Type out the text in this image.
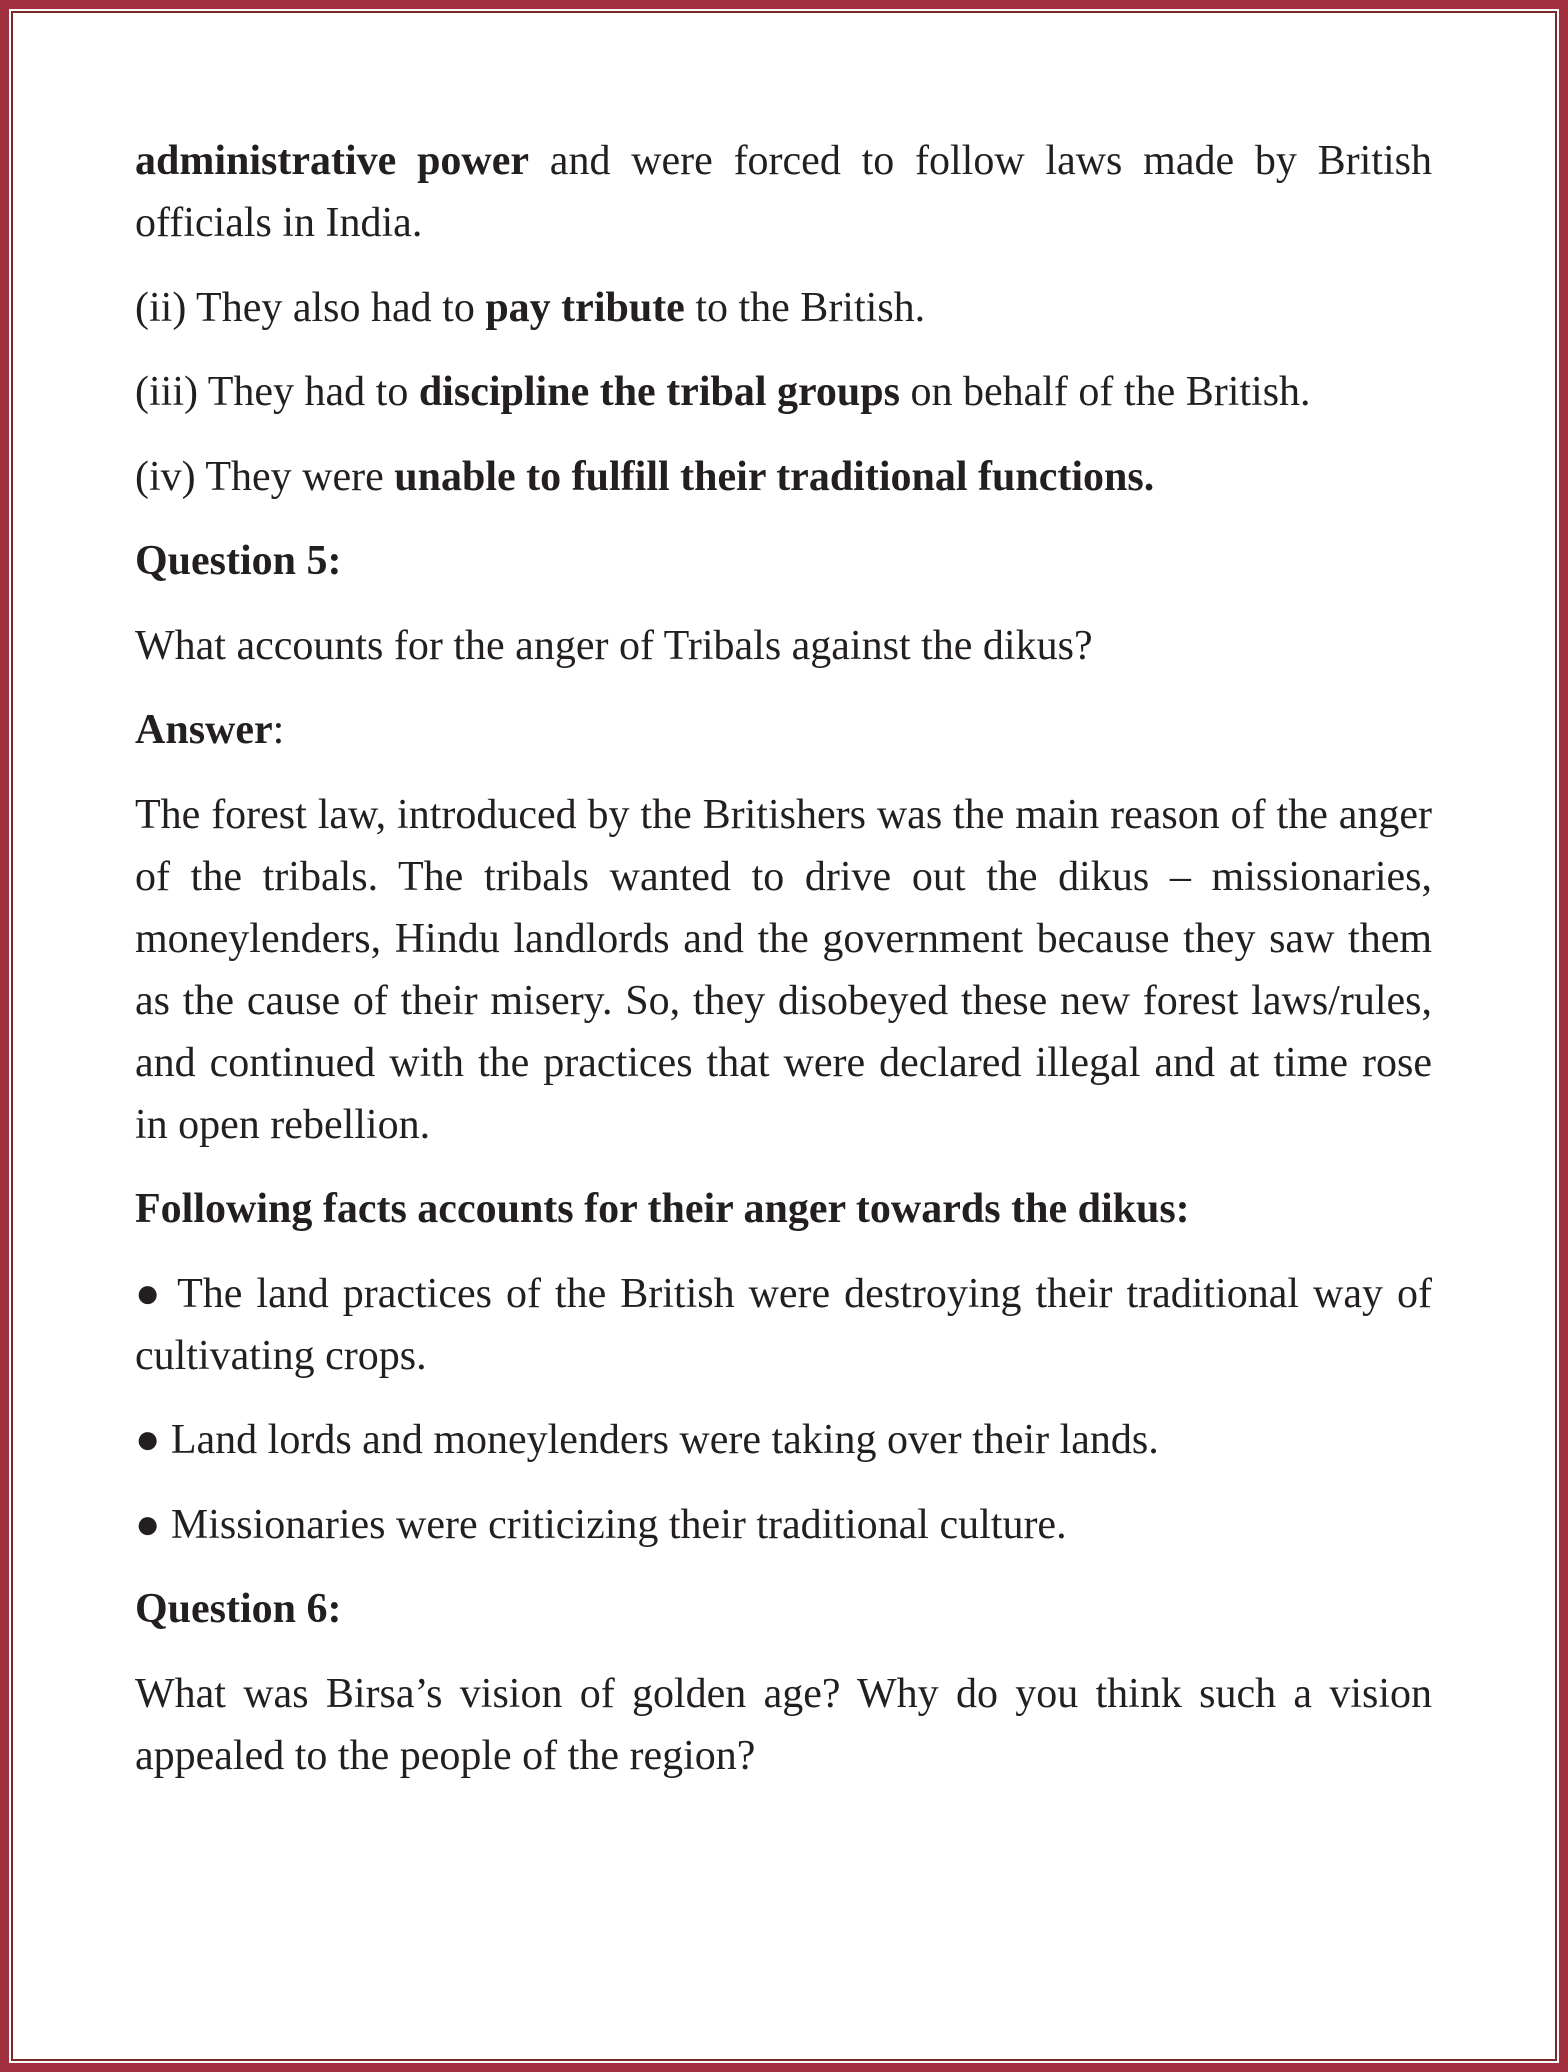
administrative power and were forced to follow laws made by British officials in India.

(ii) They also had to pay tribute to the British.

(iii) They had to discipline the tribal groups on behalf of the British.

(iv) They were unable to fulfill their traditional functions.

Question 5:

What accounts for the anger of Tribals against the dikus?

Answer:

The forest law, introduced by the Britishers was the main reason of the anger of the tribals. The tribals wanted to drive out the dikus – missionaries, moneylenders, Hindu landlords and the government because they saw them as the cause of their misery. So, they disobeyed these new forest laws/rules, and continued with the practices that were declared illegal and at time rose in open rebellion.

Following facts accounts for their anger towards the dikus:

● The land practices of the British were destroying their traditional way of cultivating crops.

● Land lords and moneylenders were taking over their lands.

● Missionaries were criticizing their traditional culture.

Question 6:

What was Birsa’s vision of golden age? Why do you think such a vision appealed to the people of the region?
